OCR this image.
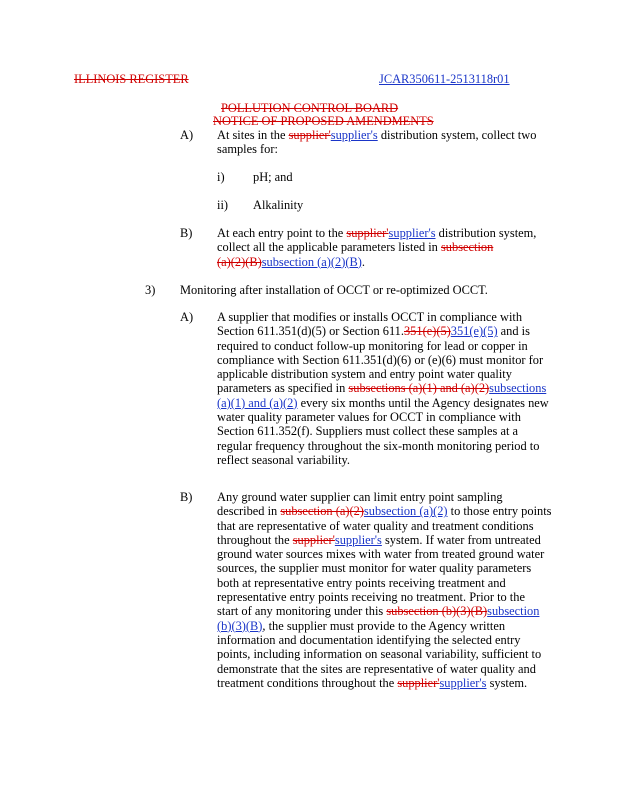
ILLINOIS REGISTER	JCAR350611-2513118r01
POLLUTION CONTROL BOARD
NOTICE OF PROPOSED AMENDMENTS
A) At sites in the supplier'supplier's distribution system, collect two
samples for:
i) pH; and
ii) Alkalinity
B) At each entry point to the supplier'supplier's distribution system,
collect all the applicable parameters listed in subsection
(a)(2)(B)subsection (a)(2)(B).
3) Monitoring after installation of OCCT or re-optimized OCCT.
A) A supplier that modifies or installs OCCT in compliance with
Section 611.351(d)(5) or Section 611.351(e)(5)351(e)(5) and is
required to conduct follow-up monitoring for lead or copper in
compliance with Section 611.351(d)(6) or (e)(6) must monitor for
applicable distribution system and entry point water quality
parameters as specified in subsections (a)(1) and (a)(2)subsections
(a)(1) and (a)(2) every six months until the Agency designates new
water quality parameter values for OCCT in compliance with
Section 611.352(f). Suppliers must collect these samples at a
regular frequency throughout the six-month monitoring period to
reflect seasonal variability.
B) Any ground water supplier can limit entry point sampling
described in subsection (a)(2)subsection (a)(2) to those entry points
that are representative of water quality and treatment conditions
throughout the supplier'supplier's system. If water from untreated
ground water sources mixes with water from treated ground water
sources, the supplier must monitor for water quality parameters
both at representative entry points receiving treatment and
representative entry points receiving no treatment. Prior to the
start of any monitoring under this subsection (b)(3)(B)subsection
(b)(3)(B), the supplier must provide to the Agency written
information and documentation identifying the selected entry
points, including information on seasonal variability, sufficient to
demonstrate that the sites are representative of water quality and
treatment conditions throughout the supplier'supplier's system.
